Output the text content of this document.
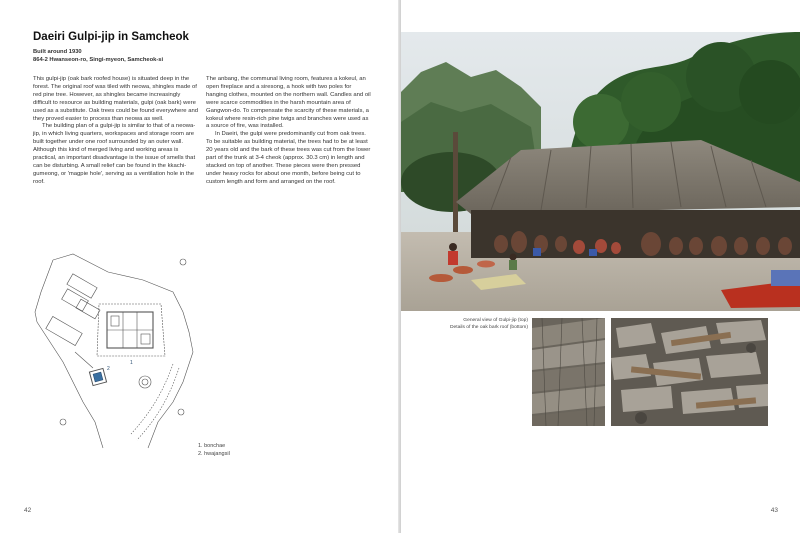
Daeiri Gulpi-jip in Samcheok
Built around 1930
864-2 Hwanseon-ro, Singi-myeon, Samcheok-si

This gulpi-jip (oak bark roofed house) is situated deep in the forest. The original roof was tiled with neowa, shingles made of red pine tree. However, as shingles became increasingly difficult to resource as building materials, gulpi (oak bark) were used as a substitute. Oak trees could be found everywhere and they proved easier to process than neowa as well.

The building plan of a gulpi-jip is similar to that of a neowa-jip, in which living quarters, workspaces and storage room are built together under one roof surrounded by an outer wall. Although this kind of merged living and working areas is practical, an important disadvantage is the issue of smells that can be disturbing. A small relief can be found in the kkachi-gumeong, or 'magpie hole', serving as a ventilation hole in the roof.

The anbang, the communal living room, features a kokeul, an open fireplace and a siresong, a hook with two poles for hanging clothes, mounted on the northern wall. Candles and oil were scarce commodities in the harsh mountain area of Gangwon-do. To compensate the scarcity of these materials, a kokeul where resin-rich pine twigs and branches were used as a source of fire, was installed.

In Daeiri, the gulpi were predominantly cut from oak trees. To be suitable as building material, the trees had to be at least 20 years old and the bark of these trees was cut from the lower part of the trunk at 3-4 cheok (approx. 30.3 cm) in length and stacked on top of another. These pieces were then pressed under heavy rocks for about one month, before being cut to custom length and form and arranged on the roof.

1
2
1. bonchae
2. hwajangsil
42
General view of Gulpi-jip (top)
Details of the oak bark roof (bottom)
43
